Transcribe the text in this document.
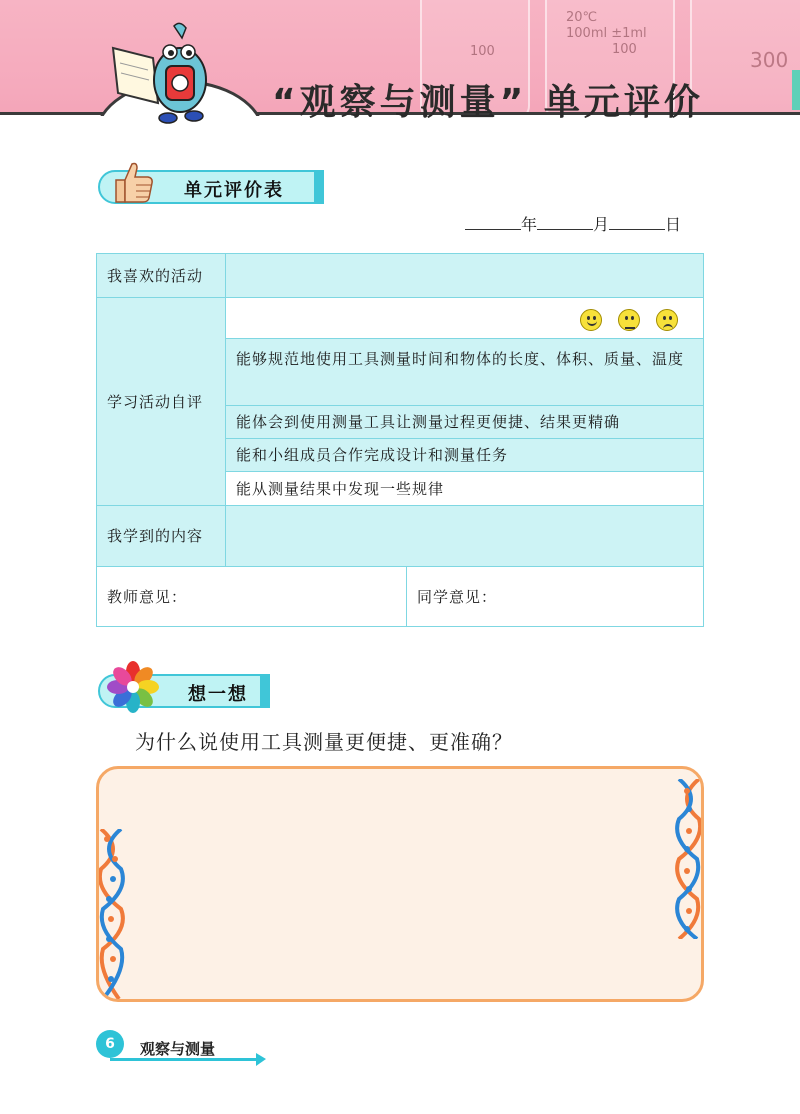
20℃
100ml ±1ml
100
100	300
“观察与测量” 单元评价
单元评价表
年	月	日
我喜欢的活动
学习活动自评
能够规范地使用工具测量时间和物体的长度、体积、质量、温度
能体会到使用测量工具让测量过程更便捷、结果更精确
能和小组成员合作完成设计和测量任务
能从测量结果中发现一些规律
我学到的内容
教师意见：	同学意见：
想一想
为什么说使用工具测量更便捷、更准确？
6	观察与测量
